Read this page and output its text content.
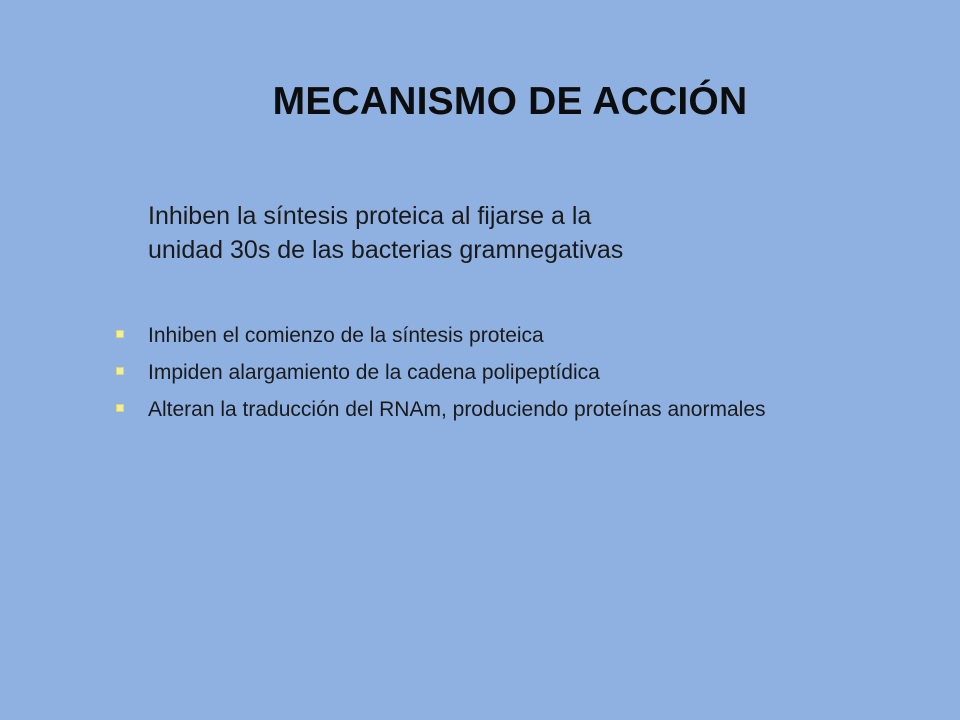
MECANISMO DE ACCIÓN
Inhiben la síntesis proteica al fijarse a la
unidad 30s de las bacterias gramnegativas
Inhiben el comienzo de la síntesis proteica
Impiden alargamiento de la cadena polipeptídica
Alteran la traducción del RNAm, produciendo proteínas anormales
